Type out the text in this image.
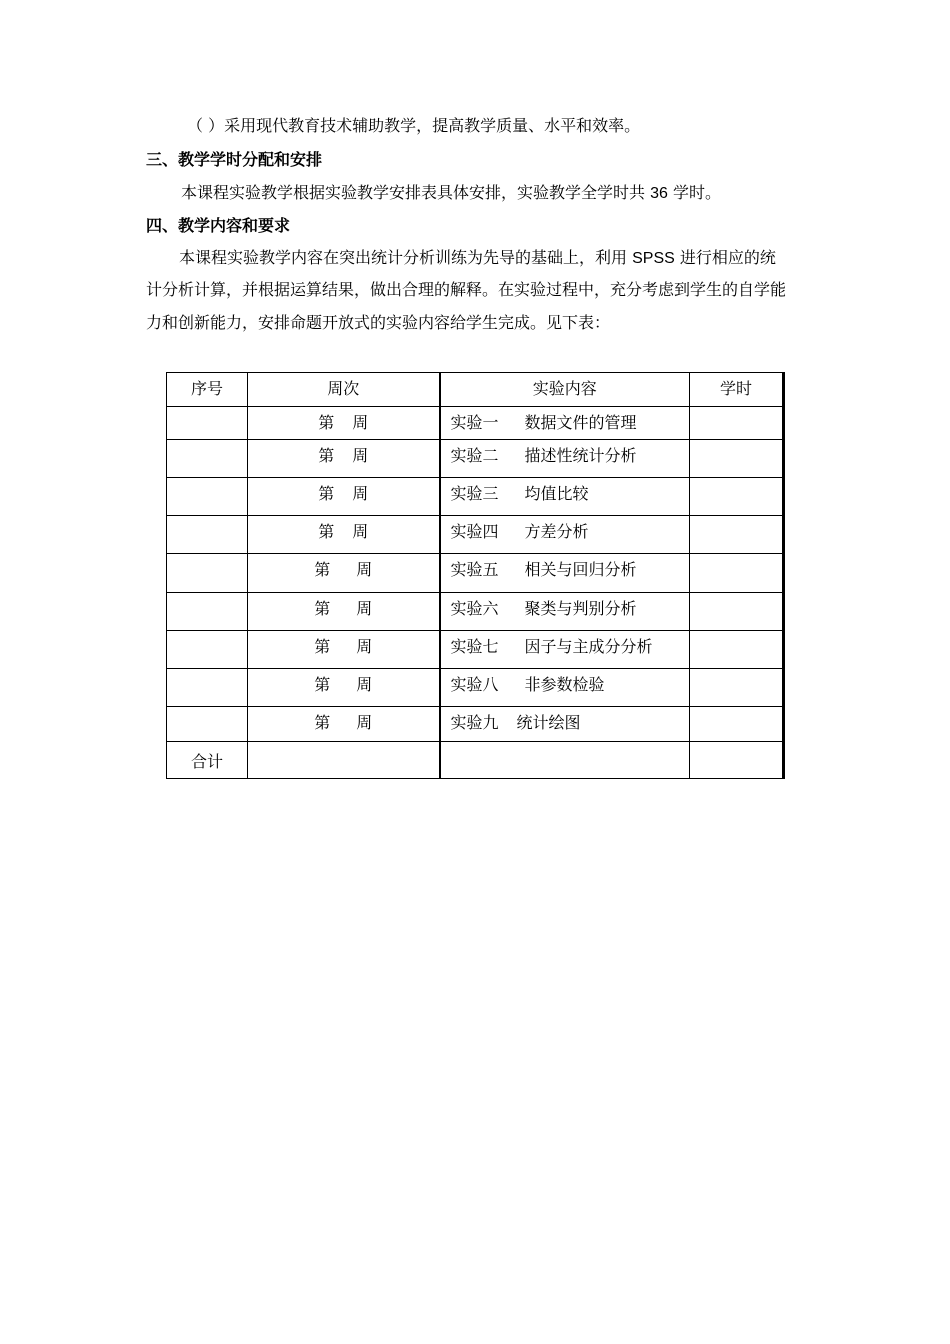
（ ）采用现代教育技术辅助教学，提高教学质量、水平和效率。
三、教学学时分配和安排
本课程实验教学根据实验教学安排表具体安排，实验教学全学时共 36 学时。
四、教学内容和要求
本课程实验教学内容在突出统计分析训练为先导的基础上，利用 SPSS 进行相应的统
计分析计算，并根据运算结果，做出合理的解释。在实验过程中，充分考虑到学生的自学能
力和创新能力，安排命题开放式的实验内容给学生完成。见下表：
序号	周次	实验内容	学时

	第 周	实验一 数据文件的管理	

	第 周	实验二 描述性统计分析	

	第 周	实验三 均值比较	

	第 周	实验四 方差分析	

	第 周	实验五 相关与回归分析	

	第 周	实验六 聚类与判别分析	

	第 周	实验七 因子与主成分分析	

	第 周	实验八 非参数检验	

	第 周	实验九 统计绘图	

合计			
